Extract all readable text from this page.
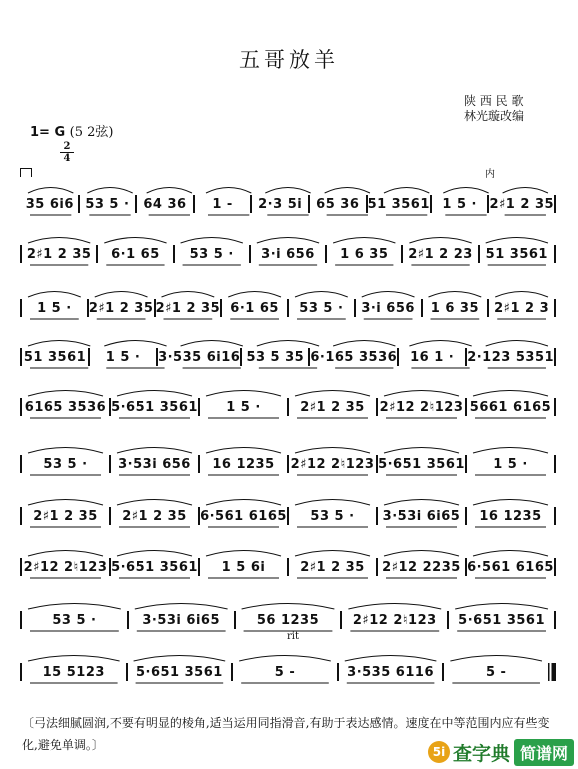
五哥放羊
陕 西 民 歌
林光璇改编
1= G (5 2弦)
2
4
内
rit
35 6i6 53 5 ·	64 36	1 -	2·3 5i	65 36 51 3561 1 5 · 2♯1 2 35
2♯1 2 35	6·1 65	53 5 ·	3·i 656	1 6 35	2♯1 2 23 51 3561
1 5 ·	2♯1 2 35 2♯1 2 35 6·1 65	53 5 ·	3·i 656	1 6 35	2♯1 2 3
51 3561	1 5 ·	3·535 6i16 53 5 35 6·165 3536 16 1 · 2·123 5351
6165 3536 5·651 3561	1 5 ·	2♯1 2 35	2♯12 2♮123 5661 6165
53 5 ·	3·53i 656	16 1235	2♯12 2♮123 5·651 3561	1 5 ·
2♯1 2 35	2♯1 2 35	6·561 6165	53 5 ·	3·53i 6i65	16 1235
2♯12 2♮123 5·651 3561	1 5 6i	2♯1 2 35	2♯12 2235 6·561 6165
53 5 ·	3·53i 6i65	56 1235	2♯12 2♮123	5·651 3561
15 5123	5·651 3561	5 -	3·535 6116	5 -
〔弓法细腻圆润,不要有明显的棱角,适当运用同指滑音,有助于表达感情。速度在中等范围内应有些变化,避免单调。〕	5i 查字典 简谱网
